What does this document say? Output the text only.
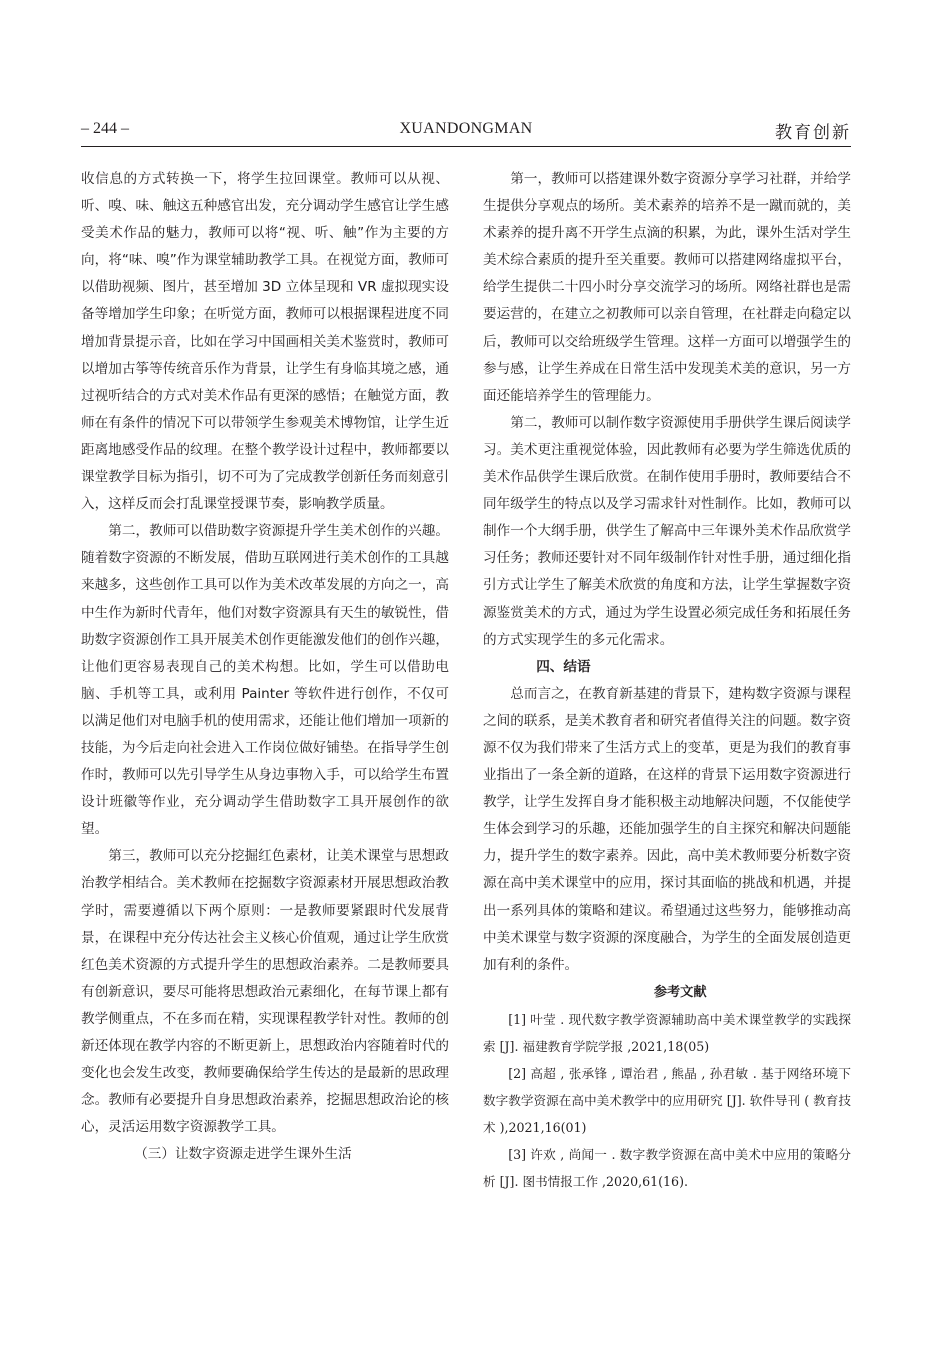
– 244 –	XUANDONGMAN	教育创新

收信息的方式转换一下，将学生拉回课堂。教师可以从视、听、嗅、味、触这五种感官出发，充分调动学生感官让学生感受美术作品的魅力，教师可以将“视、听、触”作为主要的方向，将“味、嗅”作为课堂辅助教学工具。在视觉方面，教师可以借助视频、图片，甚至增加 3D 立体呈现和 VR 虚拟现实设备等增加学生印象；在听觉方面，教师可以根据课程进度不同增加背景提示音，比如在学习中国画相关美术鉴赏时，教师可以增加古筝等传统音乐作为背景，让学生有身临其境之感，通过视听结合的方式对美术作品有更深的感悟；在触觉方面，教师在有条件的情况下可以带领学生参观美术博物馆，让学生近距离地感受作品的纹理。在整个教学设计过程中，教师都要以课堂教学目标为指引，切不可为了完成教学创新任务而刻意引入，这样反而会打乱课堂授课节奏，影响教学质量。

第二，教师可以借助数字资源提升学生美术创作的兴趣。随着数字资源的不断发展，借助互联网进行美术创作的工具越来越多，这些创作工具可以作为美术改革发展的方向之一，高中生作为新时代青年，他们对数字资源具有天生的敏锐性，借助数字资源创作工具开展美术创作更能激发他们的创作兴趣，让他们更容易表现自己的美术构想。比如，学生可以借助电脑、手机等工具，或利用 Painter 等软件进行创作，不仅可以满足他们对电脑手机的使用需求，还能让他们增加一项新的技能，为今后走向社会进入工作岗位做好铺垫。在指导学生创作时，教师可以先引导学生从身边事物入手，可以给学生布置设计班徽等作业，充分调动学生借助数字工具开展创作的欲望。

第三，教师可以充分挖掘红色素材，让美术课堂与思想政治教学相结合。美术教师在挖掘数字资源素材开展思想政治教学时，需要遵循以下两个原则：一是教师要紧跟时代发展背景，在课程中充分传达社会主义核心价值观，通过让学生欣赏红色美术资源的方式提升学生的思想政治素养。二是教师要具有创新意识，要尽可能将思想政治元素细化，在每节课上都有教学侧重点，不在多而在精，实现课程教学针对性。教师的创新还体现在教学内容的不断更新上，思想政治内容随着时代的变化也会发生改变，教师要确保给学生传达的是最新的思政理念。教师有必要提升自身思想政治素养，挖掘思想政治论的核心，灵活运用数字资源教学工具。

（三）让数字资源走进学生课外生活

第一，教师可以搭建课外数字资源分享学习社群，并给学生提供分享观点的场所。美术素养的培养不是一蹴而就的，美术素养的提升离不开学生点滴的积累，为此，课外生活对学生美术综合素质的提升至关重要。教师可以搭建网络虚拟平台，给学生提供二十四小时分享交流学习的场所。网络社群也是需要运营的，在建立之初教师可以亲自管理，在社群走向稳定以后，教师可以交给班级学生管理。这样一方面可以增强学生的参与感，让学生养成在日常生活中发现美术美的意识，另一方面还能培养学生的管理能力。

第二，教师可以制作数字资源使用手册供学生课后阅读学习。美术更注重视觉体验，因此教师有必要为学生筛选优质的美术作品供学生课后欣赏。在制作使用手册时，教师要结合不同年级学生的特点以及学习需求针对性制作。比如，教师可以制作一个大纲手册，供学生了解高中三年课外美术作品欣赏学习任务；教师还要针对不同年级制作针对性手册，通过细化指引方式让学生了解美术欣赏的角度和方法，让学生掌握数字资源鉴赏美术的方式，通过为学生设置必须完成任务和拓展任务的方式实现学生的多元化需求。

四、结语

总而言之，在教育新基建的背景下，建构数字资源与课程之间的联系，是美术教育者和研究者值得关注的问题。数字资源不仅为我们带来了生活方式上的变革，更是为我们的教育事业指出了一条全新的道路，在这样的背景下运用数字资源进行教学，让学生发挥自身才能积极主动地解决问题，不仅能使学生体会到学习的乐趣，还能加强学生的自主探究和解决问题能力，提升学生的数字素养。因此，高中美术教师要分析数字资源在高中美术课堂中的应用，探讨其面临的挑战和机遇，并提出一系列具体的策略和建议。希望通过这些努力，能够推动高中美术课堂与数字资源的深度融合，为学生的全面发展创造更加有利的条件。

参考文献

[1] 叶莹 . 现代数字教学资源辅助高中美术课堂教学的实践探索 [J]. 福建教育学院学报 ,2021,18(05)

[2] 高超 , 张承锋 , 谭治君 , 熊晶 , 孙君敏 . 基于网络环境下数字教学资源在高中美术教学中的应用研究 [J]. 软件导刊 ( 教育技术 ),2021,16(01)

[3] 许欢 , 尚闻一 . 数字教学资源在高中美术中应用的策略分析 [J]. 图书情报工作 ,2020,61(16).
